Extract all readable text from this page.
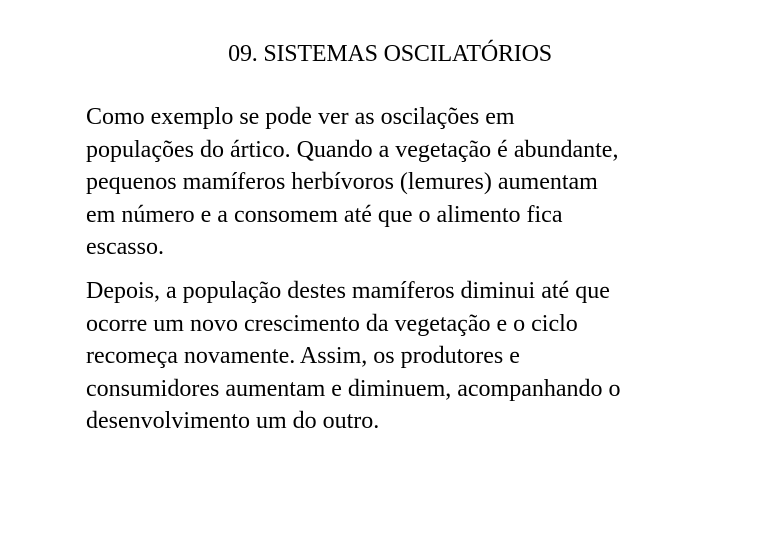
09. SISTEMAS OSCILATÓRIOS

Como exemplo se pode ver as oscilações em
populações do ártico. Quando a vegetação é abundante,
pequenos mamíferos herbívoros (lemures) aumentam
em número e a consomem até que o alimento fica
escasso.

Depois, a população destes mamíferos diminui até que
ocorre um novo crescimento da vegetação e o ciclo
recomeça novamente. Assim, os produtores e
consumidores aumentam e diminuem, acompanhando o
desenvolvimento um do outro.
